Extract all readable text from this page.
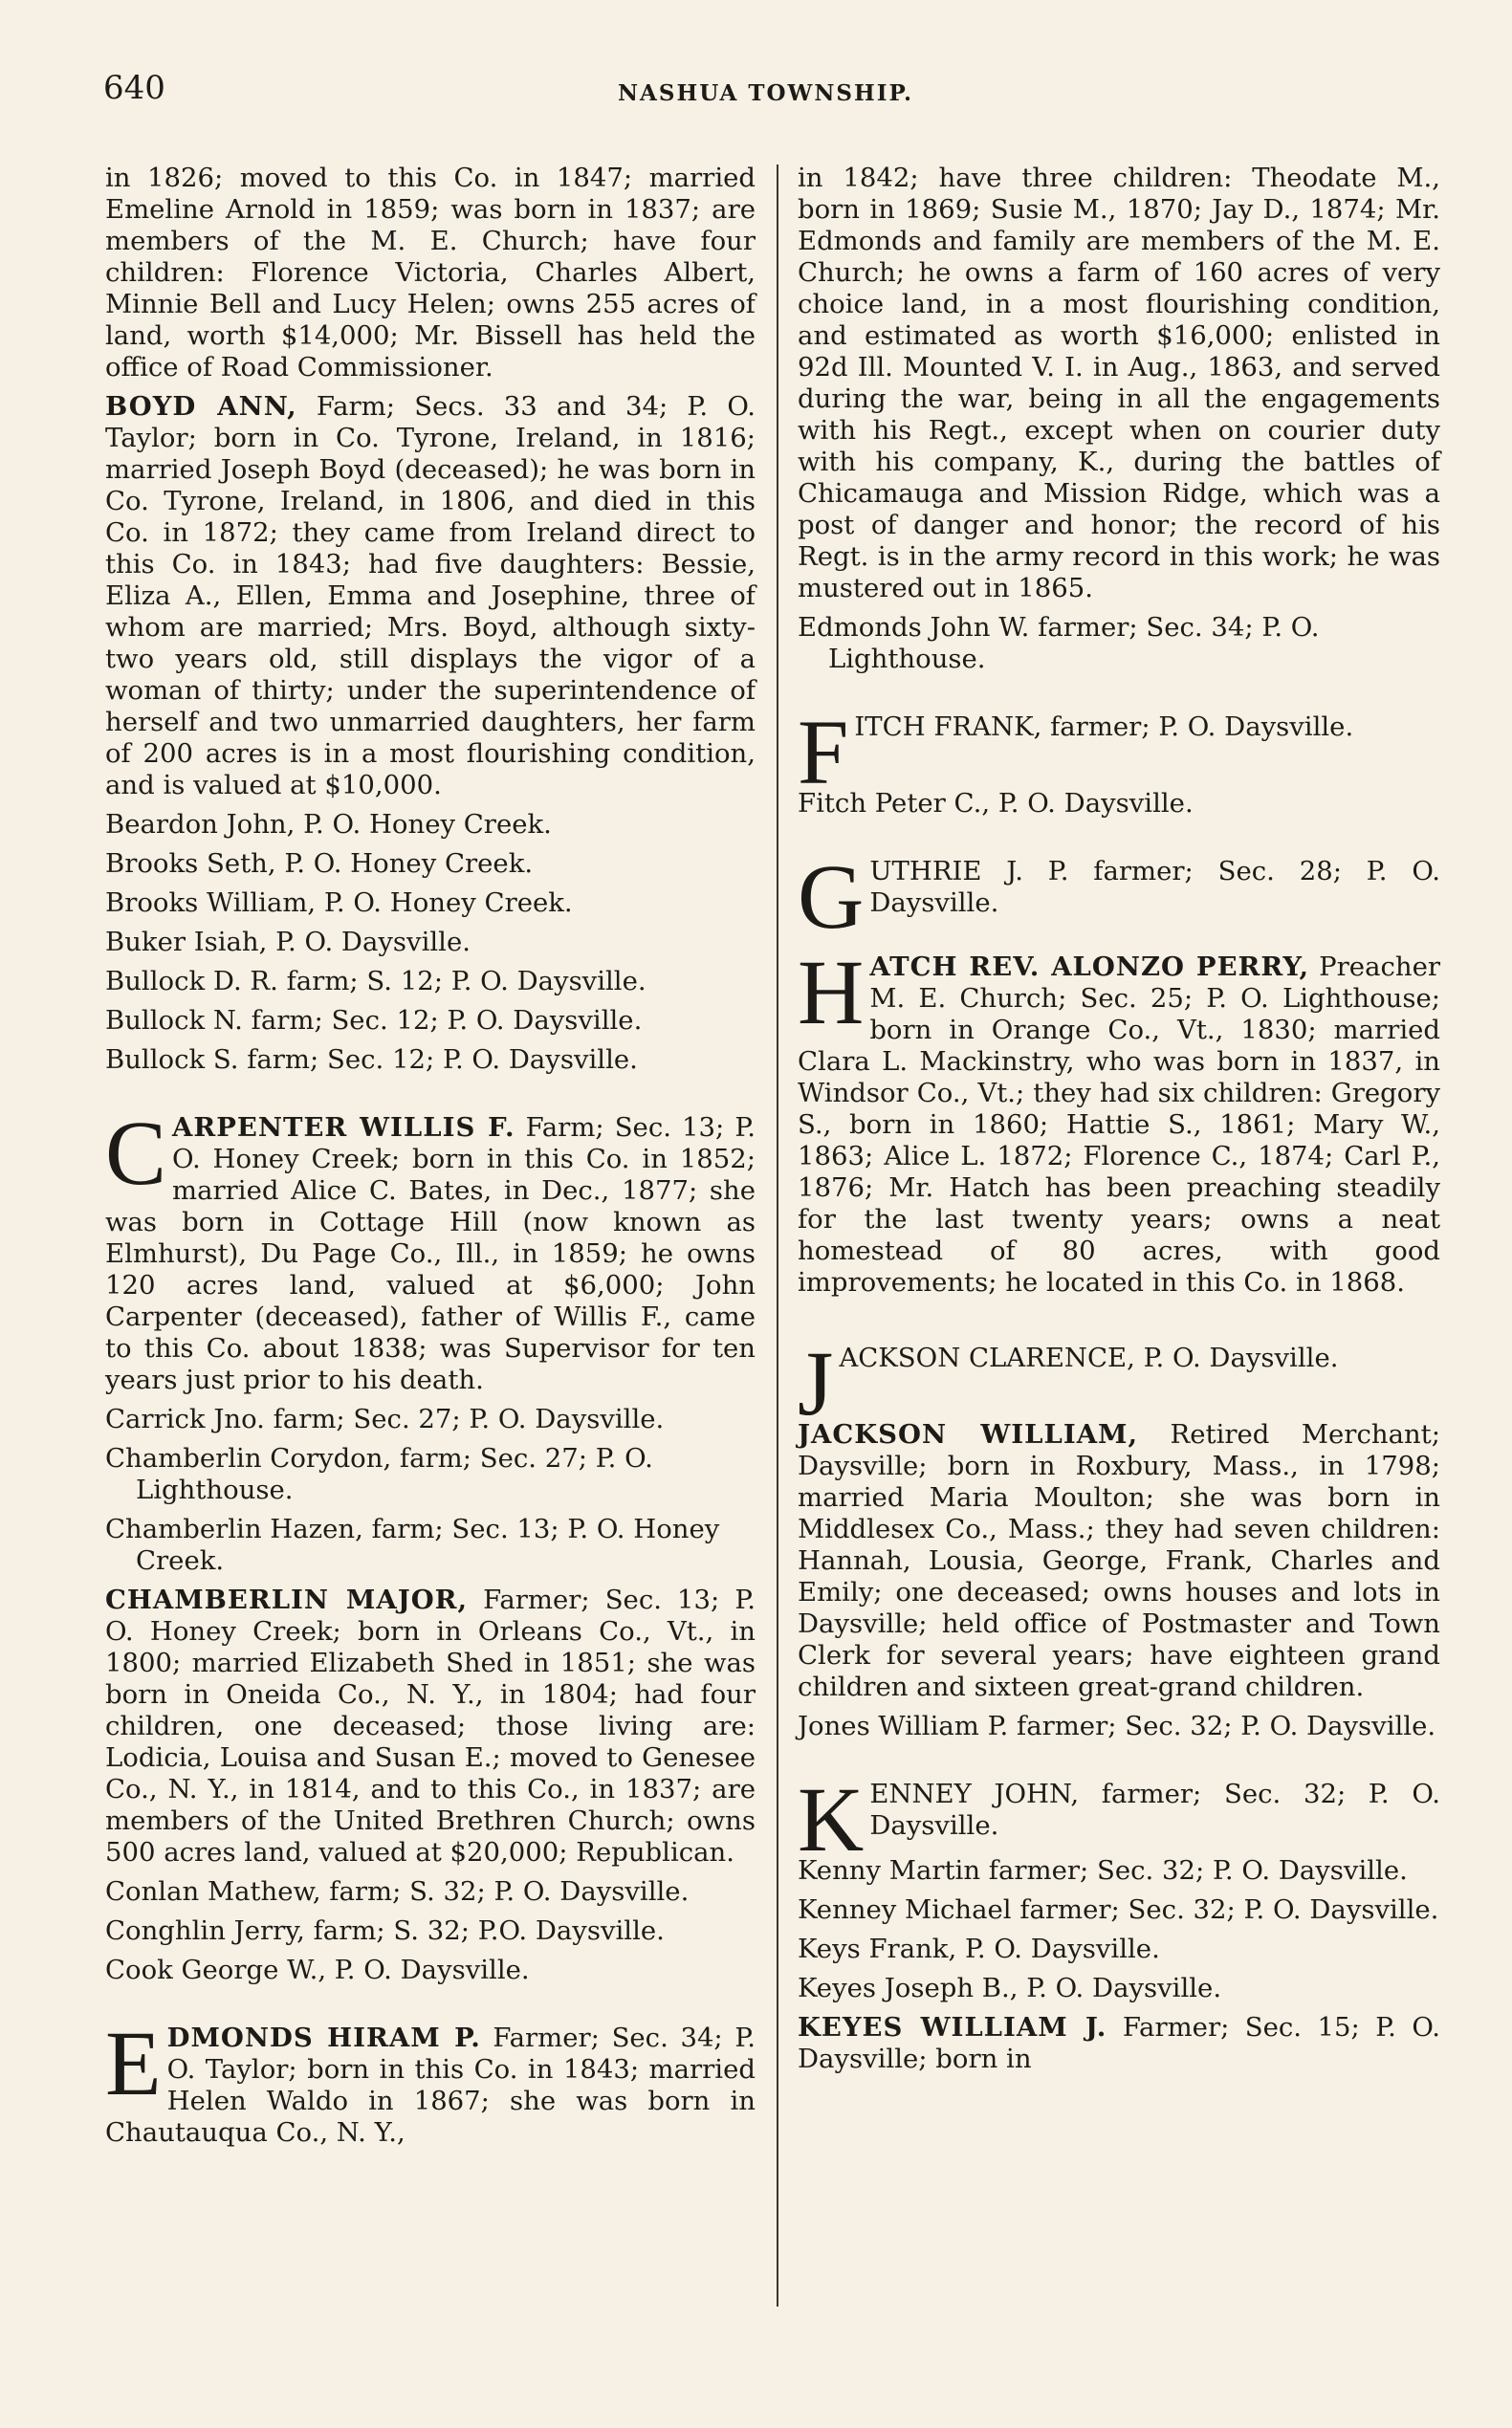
640	NASHUA TOWNSHIP.

in 1826; moved to this Co. in 1847; married Emeline Arnold in 1859; was born in 1837; are members of the M. E. Church; have four children: Florence Victoria, Charles Albert, Minnie Bell and Lucy Helen; owns 255 acres of land, worth $14,000; Mr. Bissell has held the office of Road Commissioner.

BOYD ANN, Farm; Secs. 33 and 34; P. O. Taylor; born in Co. Tyrone, Ireland, in 1816; married Joseph Boyd (deceased); he was born in Co. Tyrone, Ireland, in 1806, and died in this Co. in 1872; they came from Ireland direct to this Co. in 1843; had five daughters: Bessie, Eliza A., Ellen, Emma and Josephine, three of whom are married; Mrs. Boyd, although sixty-two years old, still displays the vigor of a woman of thirty; under the superintendence of herself and two unmarried daughters, her farm of 200 acres is in a most flourishing condition, and is valued at $10,000.

Beardon John, P. O. Honey Creek.

Brooks Seth, P. O. Honey Creek.

Brooks William, P. O. Honey Creek.

Buker Isiah, P. O. Daysville.

Bullock D. R. farm; S. 12; P. O. Daysville.

Bullock N. farm; Sec. 12; P. O. Daysville.

Bullock S. farm; Sec. 12; P. O. Daysville.

CARPENTER WILLIS F. Farm; Sec. 13; P. O. Honey Creek; born in this Co. in 1852; married Alice C. Bates, in Dec., 1877; she was born in Cottage Hill (now known as Elmhurst), Du Page Co., Ill., in 1859; he owns 120 acres land, valued at $6,000; John Carpenter (deceased), father of Willis F., came to this Co. about 1838; was Supervisor for ten years just prior to his death.

Carrick Jno. farm; Sec. 27; P. O. Daysville.

Chamberlin Corydon, farm; Sec. 27; P. O. Lighthouse.

Chamberlin Hazen, farm; Sec. 13; P. O. Honey Creek.

CHAMBERLIN MAJOR, Farmer; Sec. 13; P. O. Honey Creek; born in Orleans Co., Vt., in 1800; married Elizabeth Shed in 1851; she was born in Oneida Co., N. Y., in 1804; had four children, one deceased; those living are: Lodicia, Louisa and Susan E.; moved to Genesee Co., N. Y., in 1814, and to this Co., in 1837; are members of the United Brethren Church; owns 500 acres land, valued at $20,000; Republican.

Conlan Mathew, farm; S. 32; P. O. Daysville.

Conghlin Jerry, farm; S. 32; P.O. Daysville.

Cook George W., P. O. Daysville.

EDMONDS HIRAM P. Farmer; Sec. 34; P. O. Taylor; born in this Co. in 1843; married Helen Waldo in 1867; she was born in Chautauqua Co., N. Y.,

in 1842; have three children: Theodate M., born in 1869; Susie M., 1870; Jay D., 1874; Mr. Edmonds and family are members of the M. E. Church; he owns a farm of 160 acres of very choice land, in a most flourishing condition, and estimated as worth $16,000; enlisted in 92d Ill. Mounted V. I. in Aug., 1863, and served during the war, being in all the engagements with his Regt., except when on courier duty with his company, K., during the battles of Chicamauga and Mission Ridge, which was a post of danger and honor; the record of his Regt. is in the army record in this work; he was mustered out in 1865.

Edmonds John W. farmer; Sec. 34; P. O. Lighthouse.

FITCH FRANK, farmer; P. O. Daysville.

Fitch Peter C., P. O. Daysville.

GUTHRIE J. P. farmer; Sec. 28; P. O. Daysville.

HATCH REV. ALONZO PERRY, Preacher M. E. Church; Sec. 25; P. O. Lighthouse; born in Orange Co., Vt., 1830; married Clara L. Mackinstry, who was born in 1837, in Windsor Co., Vt.; they had six children: Gregory S., born in 1860; Hattie S., 1861; Mary W., 1863; Alice L. 1872; Florence C., 1874; Carl P., 1876; Mr. Hatch has been preaching steadily for the last twenty years; owns a neat homestead of 80 acres, with good improvements; he located in this Co. in 1868.

JACKSON CLARENCE, P. O. Daysville.

JACKSON WILLIAM, Retired Merchant; Daysville; born in Roxbury, Mass., in 1798; married Maria Moulton; she was born in Middlesex Co., Mass.; they had seven children: Hannah, Lousia, George, Frank, Charles and Emily; one deceased; owns houses and lots in Daysville; held office of Postmaster and Town Clerk for several years; have eighteen grand children and sixteen great-grand children.

Jones William P. farmer; Sec. 32; P. O. Daysville.

KENNEY JOHN, farmer; Sec. 32; P. O. Daysville.

Kenny Martin farmer; Sec. 32; P. O. Daysville.

Kenney Michael farmer; Sec. 32; P. O. Daysville.

Keys Frank, P. O. Daysville.

Keyes Joseph B., P. O. Daysville.

KEYES WILLIAM J. Farmer; Sec. 15; P. O. Daysville; born in
